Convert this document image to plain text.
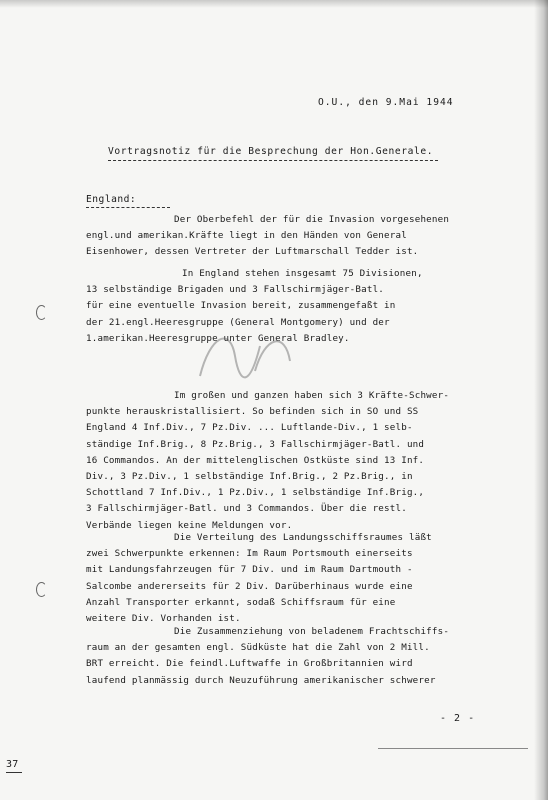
O.U., den 9.Mai 1944
Vortragsnotiz für die Besprechung der Hon.Generale.
England:
Der Oberbefehl der für die Invasion vorgesehenen
engl.und amerikan.Kräfte liegt in den Händen von General
Eisenhower, dessen Vertreter der Luftmarschall Tedder ist.
In England stehen insgesamt 75 Divisionen,
13 selbständige Brigaden und 3 Fallschirmjäger-Batl.
für eine eventuelle Invasion bereit, zusammengefaßt in
der 21.engl.Heeresgruppe (General Montgomery) und der
1.amerikan.Heeresgruppe unter General Bradley.
Im großen und ganzen haben sich 3 Kräfte-Schwer-
punkte herauskristallisiert. So befinden sich in SO und SS
England 4 Inf.Div., 7 Pz.Div. ... Luftlande-Div., 1 selb-
ständige Inf.Brig., 8 Pz.Brig., 3 Fallschirmjäger-Batl. und
16 Commandos. An der mittelenglischen Ostküste sind 13 Inf.
Div., 3 Pz.Div., 1 selbständige Inf.Brig., 2 Pz.Brig., in
Schottland 7 Inf.Div., 1 Pz.Div., 1 selbständige Inf.Brig.,
3 Fallschirmjäger-Batl. und 3 Commandos. Über die restl.
Verbände liegen keine Meldungen vor.
Die Verteilung des Landungsschiffsraumes läßt
zwei Schwerpunkte erkennen: Im Raum Portsmouth einerseits
mit Landungsfahrzeugen für 7 Div. und im Raum Dartmouth -
Salcombe andererseits für 2 Div. Darüberhinaus wurde eine
Anzahl Transporter erkannt, sodaß Schiffsraum für eine
weitere Div. Vorhanden ist.
Die Zusammenziehung von beladenem Frachtschiffs-
raum an der gesamten engl. Südküste hat die Zahl von 2 Mill.
BRT erreicht. Die feindl.Luftwaffe in Großbritannien wird
laufend planmässig durch Neuzuführung amerikanischer schwerer
- 2 -
37
